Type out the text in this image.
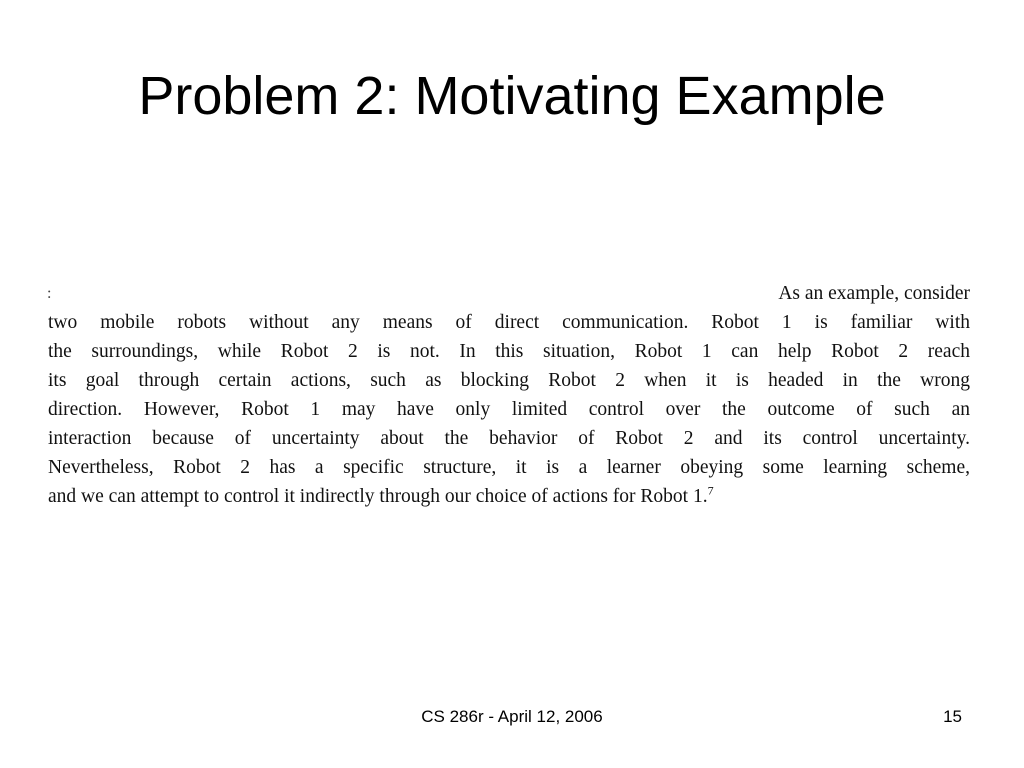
Problem 2: Motivating Example
:	As an example, consider
two mobile robots without any means of direct communication. Robot 1 is familiar with
the surroundings, while Robot 2 is not. In this situation, Robot 1 can help Robot 2 reach
its goal through certain actions, such as blocking Robot 2 when it is headed in the wrong
direction. However, Robot 1 may have only limited control over the outcome of such an
interaction because of uncertainty about the behavior of Robot 2 and its control uncertainty.
Nevertheless, Robot 2 has a specific structure, it is a learner obeying some learning scheme,
and we can attempt to control it indirectly through our choice of actions for Robot 1.$^7$
CS 286r - April 12, 2006	15
